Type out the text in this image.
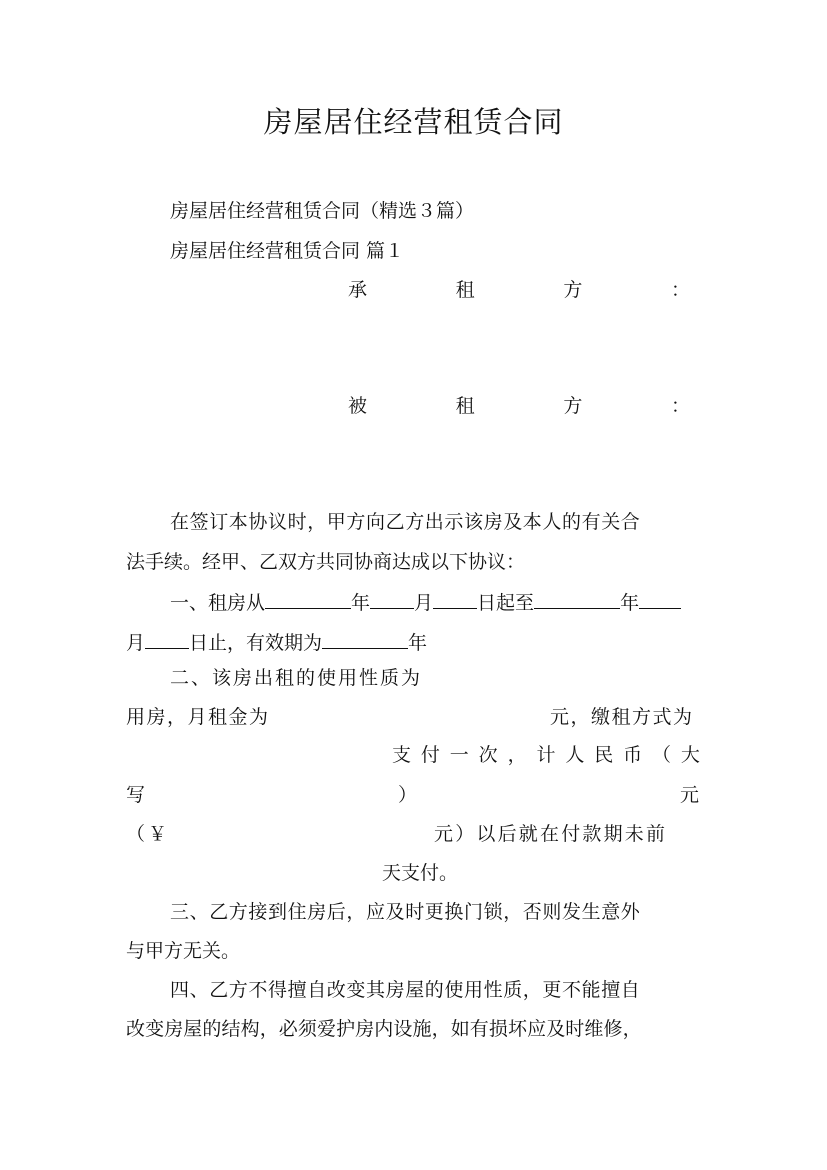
房屋居住经营租赁合同
房屋居住经营租赁合同（精选３篇）
房屋居住经营租赁合同 篇１
承	租	方	：
被	租	方	：
在签订本协议时，甲方向乙方出示该房及本人的有关合
法手续。经甲、乙双方共同协商达成以下协议：
一、租房从	年 月 日起至	年
月 日止，有效期为	年
二、该房出租的使用性质为
用房，月租金为	元，缴租方式为
支 付 一 次 ， 计 人 民 币 （ 大
写	）	元
（￥	元）以后就在付款期未前
天支付。
三、乙方接到住房后，应及时更换门锁，否则发生意外
与甲方无关。
四、乙方不得擅自改变其房屋的使用性质，更不能擅自
改变房屋的结构，必须爱护房内设施，如有损坏应及时维修，
